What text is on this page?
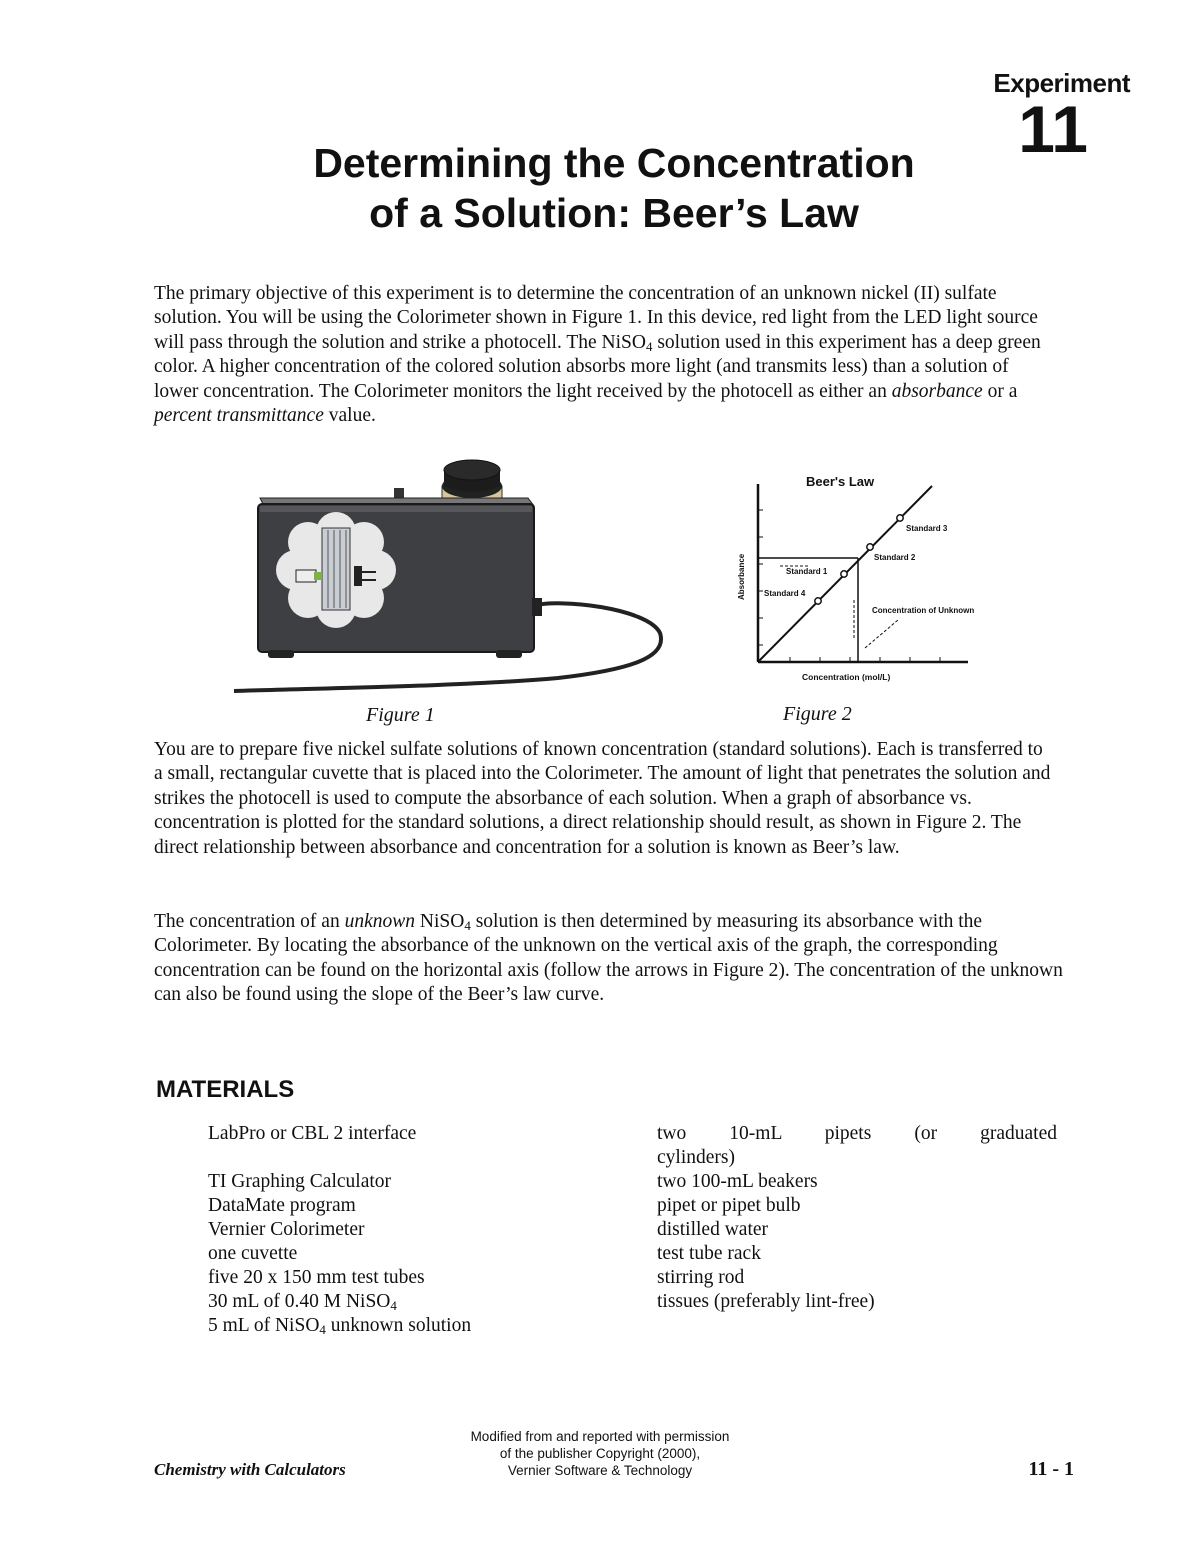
Experiment
11
Determining the Concentration
of a Solution: Beer’s Law
The primary objective of this experiment is to determine the concentration of an unknown nickel (II) sulfate solution. You will be using the Colorimeter shown in Figure 1. In this device, red light from the LED light source will pass through the solution and strike a photocell. The NiSO$_4$ solution used in this experiment has a deep green color. A higher concentration of the colored solution absorbs more light (and transmits less) than a solution of lower concentration. The Colorimeter monitors the light received by the photocell as either an absorbance or a percent transmittance value.
Beer's Law
Absorbance
Concentration (mol/L)
Standard 3
Standard 2
Standard 1
Standard 4
Concentration of Unknown
Figure 1	Figure 2
You are to prepare five nickel sulfate solutions of known concentration (standard solutions). Each is transferred to a small, rectangular cuvette that is placed into the Colorimeter. The amount of light that penetrates the solution and strikes the photocell is used to compute the absorbance of each solution. When a graph of absorbance vs. concentration is plotted for the standard solutions, a direct relationship should result, as shown in Figure 2. The direct relationship between absorbance and concentration for a solution is known as Beer’s law.
The concentration of an unknown NiSO$_4$ solution is then determined by measuring its absorbance with the Colorimeter. By locating the absorbance of the unknown on the vertical axis of the graph, the corresponding concentration can be found on the horizontal axis (follow the arrows in Figure 2). The concentration of the unknown can also be found using the slope of the Beer’s law curve.
MATERIALS
LabPro or CBL 2 interface
TI Graphing Calculator
DataMate program
Vernier Colorimeter
one cuvette
five 20 x 150 mm test tubes
30 mL of 0.40 M NiSO$_4$
5 mL of NiSO$_4$ unknown solution
two 10-mL pipets (or graduated
cylinders)
two 100-mL beakers
pipet or pipet bulb
distilled water
test tube rack
stirring rod
tissues (preferably lint-free)
Modified from and reported with permission
of the publisher Copyright (2000),
Vernier Software & Technology
Chemistry with Calculators	11 - 1
